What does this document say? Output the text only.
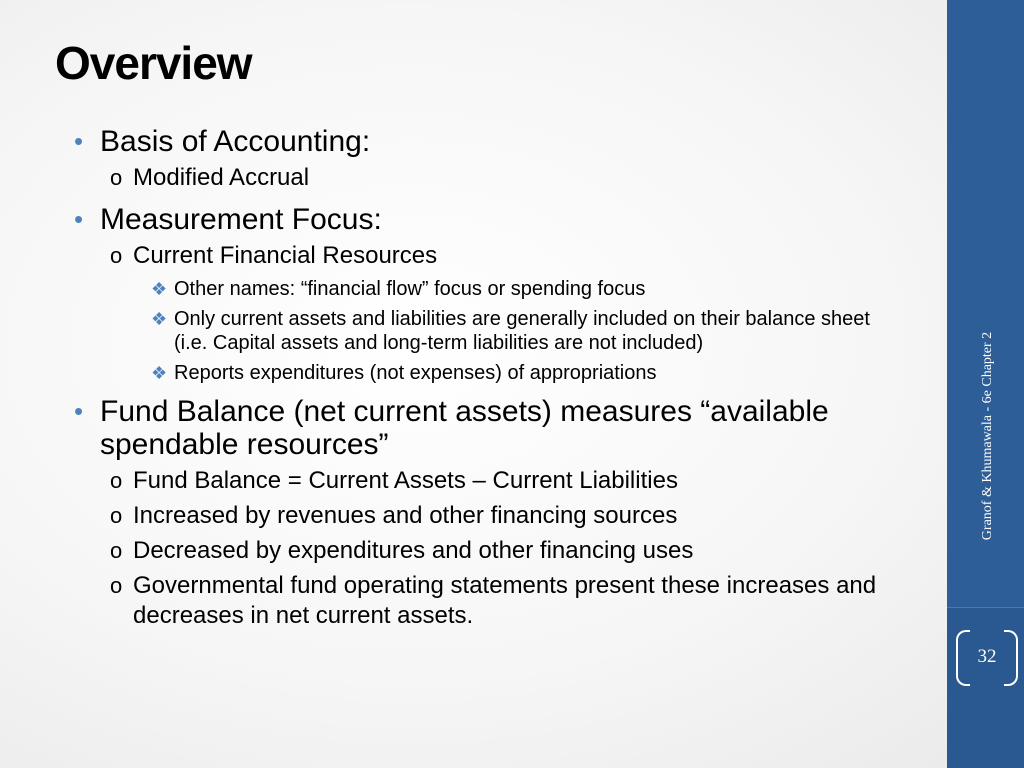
Overview
• Basis of Accounting:
o Modified Accrual
• Measurement Focus:
o Current Financial Resources
❖ Other names: “financial flow” focus or spending focus
❖ Only current assets and liabilities are generally included on their balance sheet (i.e. Capital assets and long-term liabilities are not included)
❖ Reports expenditures (not expenses) of appropriations
• Fund Balance (net current assets) measures “available spendable resources”
o Fund Balance = Current Assets – Current Liabilities
o Increased by revenues and other financing sources
o Decreased by expenditures and other financing uses
o Governmental fund operating statements present these increases and decreases in net current assets.
Granof & Khumawala - 6e Chapter 2
32
